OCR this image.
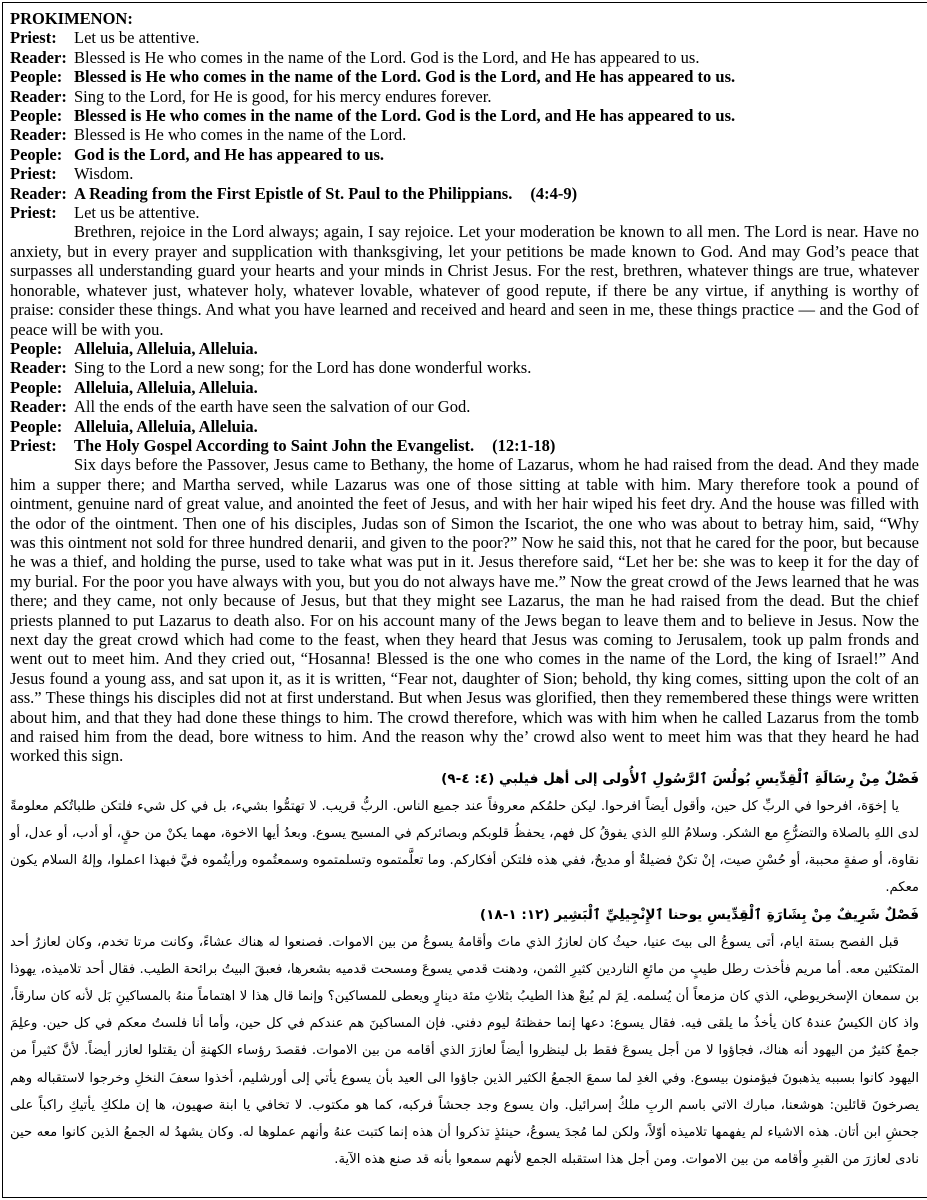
PROKIMENON:
Priest:	Let us be attentive.
Reader: Blessed is He who comes in the name of the Lord. God is the Lord, and He has appeared to us.
People: Blessed is He who comes in the name of the Lord. God is the Lord, and He has appeared to us.
Reader: Sing to the Lord, for He is good, for his mercy endures forever.
People: Blessed is He who comes in the name of the Lord. God is the Lord, and He has appeared to us.
Reader: Blessed is He who comes in the name of the Lord.
People: God is the Lord, and He has appeared to us.
Priest:	Wisdom.
Reader: A Reading from the First Epistle of St. Paul to the Philippians. (4:4-9)
Priest:	Let us be attentive.

Brethren, rejoice in the Lord always; again, I say rejoice. Let your moderation be known to all men. The Lord is near. Have no anxiety, but in every prayer and supplication with thanksgiving, let your petitions be made known to God. And may God’s peace that surpasses all understanding guard your hearts and your minds in Christ Jesus. For the rest, brethren, whatever things are true, whatever honorable, whatever just, whatever holy, whatever lovable, whatever of good repute, if there be any virtue, if anything is worthy of praise: consider these things. And what you have learned and received and heard and seen in me, these things practice — and the God of peace will be with you.

People: Alleluia, Alleluia, Alleluia.
Reader: Sing to the Lord a new song; for the Lord has done wonderful works.
People: Alleluia, Alleluia, Alleluia.
Reader: All the ends of the earth have seen the salvation of our God.
People: Alleluia, Alleluia, Alleluia.
Priest:	The Holy Gospel According to Saint John the Evangelist. (12:1-18)

Six days before the Passover, Jesus came to Bethany, the home of Lazarus, whom he had raised from the dead. And they made him a supper there; and Martha served, while Lazarus was one of those sitting at table with him. Mary therefore took a pound of ointment, genuine nard of great value, and anointed the feet of Jesus, and with her hair wiped his feet dry. And the house was filled with the odor of the ointment. Then one of his disciples, Judas son of Simon the Iscariot, the one who was about to betray him, said, “Why was this ointment not sold for three hundred denarii, and given to the poor?” Now he said this, not that he cared for the poor, but because he was a thief, and holding the purse, used to take what was put in it. Jesus therefore said, “Let her be: she was to keep it for the day of my burial. For the poor you have always with you, but you do not always have me.” Now the great crowd of the Jews learned that he was there; and they came, not only because of Jesus, but that they might see Lazarus, the man he had raised from the dead. But the chief priests planned to put Lazarus to death also. For on his account many of the Jews began to leave them and to believe in Jesus. Now the next day the great crowd which had come to the feast, when they heard that Jesus was coming to Jerusalem, took up palm fronds and went out to meet him. And they cried out, “Hosanna! Blessed is the one who comes in the name of the Lord, the king of Israel!” And Jesus found a young ass, and sat upon it, as it is written, “Fear not, daughter of Sion; behold, thy king comes, sitting upon the colt of an ass.” These things his disciples did not at first understand. But when Jesus was glorified, then they remembered these things were written about him, and that they had done these things to him. The crowd therefore, which was with him when he called Lazarus from the tomb and raised him from the dead, bore witness to him. And the reason why the’ crowd also went to meet him was that they heard he had worked this sign.

فَصْلٌ مِنْ رِسَالَةِ ٱلْقِدِّيسِ بُولُسَ ٱلرَّسُولِ ٱلأُولى إلى أهل فيلبي (٤: ٤-٩)

يا إخوَة، افرحوا في الربِّ كل حين، وأقول أيضاً افرحوا. ليكن حلمُكم معروفاً عند جميع الناس. الربُّ قريب. لا تهتمُّوا بشيء، بل في كل شيء فلتكن طلباتُكم معلومةً لدى اللهِ بالصلاة والتضرُّعِ مع الشكر. وسلامُ اللهِ الذي يفوقُ كل فهم، يحفظُ قلوبكم وبصائركم في المسيح يسوع. وبعدُ أيها الاخوة، مهما يكنْ من حقٍ، أو أدب، أو عدل، أو نقاوة، أو صفةٍ محببة، أو حُسْنِ صيت، إنْ تكنْ فضيلةٌ أو مديحٌ، ففي هذه فلتكن أفكاركم. وما تعلَّمتموه وتسلمتموه وسمعتُموه ورأيتُموه فيَّ فبهذا اعملوا، وإلهُ السلام يكون معكم.

فَصْلٌ شَرِيفٌ مِنْ بِشَارَةِ ٱلْقِدِّيسِ يوحنا ٱلإِنْجِيلِيِّ ٱلْبَشِير (١٢: ١-١٨)

قبل الفصح بستة ايام، أتى يسوعُ الى بيتَ عنيا، حيثُ كان لعازرُ الذي ماتَ وأقامهُ يسوعُ من بين الاموات. فصنعوا له هناك عشاءً، وكانت مرتا تخدم، وكان لعازرُ أحد المتكئين معه. أما مريم فأخذت رطل طيبٍ من مائعِ الناردين كثيرِ الثمن، ودهنت قدمي يسوعَ ومسحت قدميه بشعرها، فعبقَ البيتُ برائحة الطيب. فقال أحد تلاميذه، يهوذا بن سمعان الإسخريوطي، الذي كان مزمعاً أن يُسلمه. لِمَ لم يُبعْ هذا الطيبُ بثلاثِ مئة دينارٍ ويعطى للمساكين؟ وإنما قال هذا لا اهتماماً منهُ بالمساكينِ بَل لأنه كان سارقاً، واذ كان الكيسُ عندهُ كان يأخذُ ما يلقى فيه. فقال يسوع: دعها إنما حفظتهُ ليوم دفني. فإن المساكينَ هم عندكم في كل حين، وأما أنا فلستُ معكم في كل حين. وعلِمَ جمعٌ كثيرٌ من اليهود أنه هناك، فجاؤوا لا من أجل يسوعَ فقط بل لينظروا أيضاً لعازرَ الذي أقامه من بين الاموات. فقصدَ رؤساء الكهنةِ أن يقتلوا لعازر أيضاً. لأنَّ كثيراً من اليهود كانوا بسببه يذهبونَ فيؤمنون بيسوع. وفي الغدِ لما سمعَ الجمعُ الكثير الذين جاؤوا الى العيد بأن يسوع يأتي إلى أورشليم، أخذوا سعفَ النخلِ وخرجوا لاستقباله وهم يصرخونَ قائلين: هوشعنا، مبارك الاتي باسم الربِ ملكُ إسرائيل. وان يسوع وجد جحشاً فركبه، كما هو مكتوب. لا تخافي يا ابنة صهيون، ها إن ملككِ يأتيكِ راكباً على جحشِ ابن أتان. هذه الاشياء لم يفهمها تلاميذه أوّلاً، ولكن لما مُجدَ يسوعُ، حينئذٍ تذكروا أن هذه إنما كتبت عنهُ وأنهم عملوها له. وكان يشهدُ له الجمعُ الذين كانوا معه حين نادى لعازرَ من القبرِ وأقامه من بين الاموات. ومن أجل هذا استقبله الجمع لأنهم سمعوا بأنه قد صنع هذه الآية.
